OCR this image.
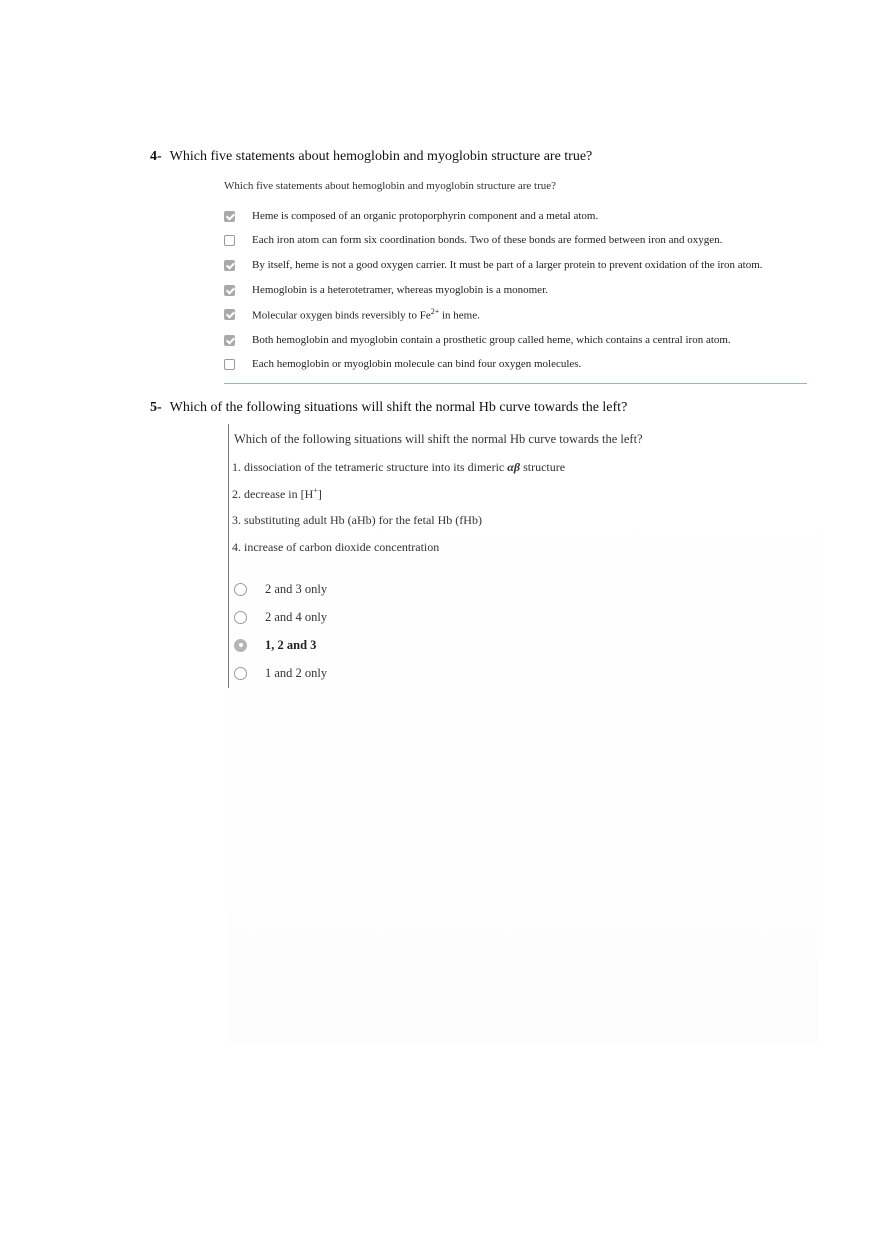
4- Which five statements about hemoglobin and myoglobin structure are true?
Which five statements about hemoglobin and myoglobin structure are true?
Heme is composed of an organic protoporphyrin component and a metal atom.
Each iron atom can form six coordination bonds. Two of these bonds are formed between iron and oxygen.
By itself, heme is not a good oxygen carrier. It must be part of a larger protein to prevent oxidation of the iron atom.
Hemoglobin is a heterotetramer, whereas myoglobin is a monomer.
Molecular oxygen binds reversibly to $Fe^{2+}$ in heme.
Both hemoglobin and myoglobin contain a prosthetic group called heme, which contains a central iron atom.
Each hemoglobin or myoglobin molecule can bind four oxygen molecules.
5- Which of the following situations will shift the normal Hb curve towards the left?
Which of the following situations will shift the normal Hb curve towards the left?
1. dissociation of the tetrameric structure into its dimeric αβ structure
2. decrease in [H+]
3. substituting adult Hb (aHb) for the fetal Hb (fHb)
4. increase of carbon dioxide concentration
2 and 3 only
2 and 4 only
1, 2 and 3
1 and 2 only
